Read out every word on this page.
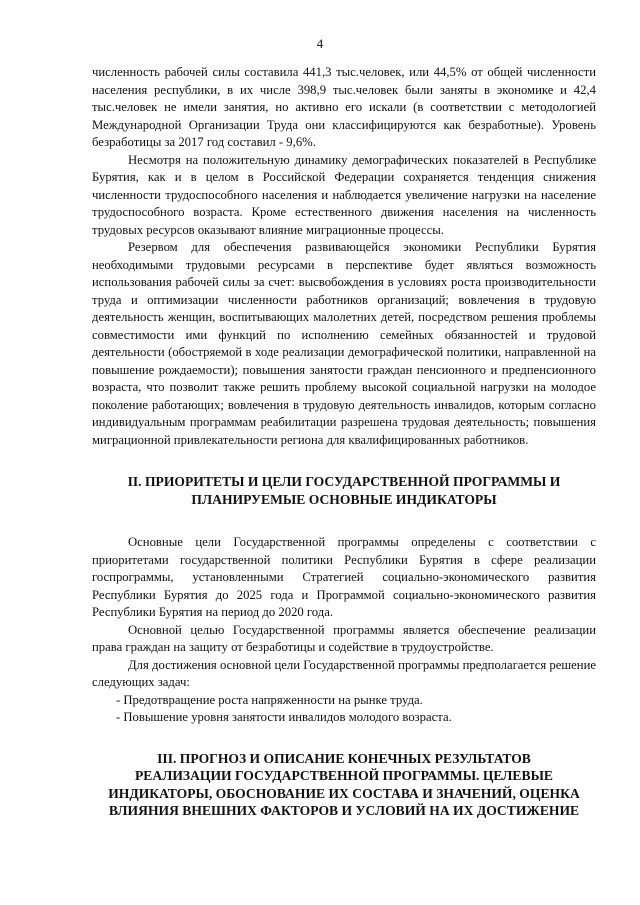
4

численность рабочей силы составила 441,3 тыс.человек, или 44,5% от общей численности населения республики, в их числе 398,9 тыс.человек были заняты в экономике и 42,4 тыс.человек не имели занятия, но активно его искали (в соответствии с методологией Международной Организации Труда они классифицируются как безработные). Уровень безработицы за 2017 год составил - 9,6%.

Несмотря на положительную динамику демографических показателей в Республике Бурятия, как и в целом в Российской Федерации сохраняется тенденция снижения численности трудоспособного населения и наблюдается увеличение нагрузки на население трудоспособного возраста. Кроме естественного движения населения на численность трудовых ресурсов оказывают влияние миграционные процессы.

Резервом для обеспечения развивающейся экономики Республики Бурятия необходимыми трудовыми ресурсами в перспективе будет являться возможность использования рабочей силы за счет: высвобождения в условиях роста производительности труда и оптимизации численности работников организаций; вовлечения в трудовую деятельность женщин, воспитывающих малолетних детей, посредством решения проблемы совместимости ими функций по исполнению семейных обязанностей и трудовой деятельности (обостряемой в ходе реализации демографической политики, направленной на повышение рождаемости); повышения занятости граждан пенсионного и предпенсионного возраста, что позволит также решить проблему высокой социальной нагрузки на молодое поколение работающих; вовлечения в трудовую деятельность инвалидов, которым согласно индивидуальным программам реабилитации разрешена трудовая деятельность; повышения миграционной привлекательности региона для квалифицированных работников.

II. ПРИОРИТЕТЫ И ЦЕЛИ ГОСУДАРСТВЕННОЙ ПРОГРАММЫ И
ПЛАНИРУЕМЫЕ ОСНОВНЫЕ ИНДИКАТОРЫ

Основные цели Государственной программы определены с соответствии с приоритетами государственной политики Республики Бурятия в сфере реализации госпрограммы, установленными Стратегией социально-экономического развития Республики Бурятия до 2025 года и Программой социально-экономического развития Республики Бурятия на период до 2020 года.

Основной целью Государственной программы является обеспечение реализации права граждан на защиту от безработицы и содействие в трудоустройстве.

Для достижения основной цели Государственной программы предполагается решение следующих задач:

- Предотвращение роста напряженности на рынке труда.

- Повышение уровня занятости инвалидов молодого возраста.

III. ПРОГНОЗ И ОПИСАНИЕ КОНЕЧНЫХ РЕЗУЛЬТАТОВ
РЕАЛИЗАЦИИ ГОСУДАРСТВЕННОЙ ПРОГРАММЫ. ЦЕЛЕВЫЕ
ИНДИКАТОРЫ, ОБОСНОВАНИЕ ИХ СОСТАВА И ЗНАЧЕНИЙ, ОЦЕНКА
ВЛИЯНИЯ ВНЕШНИХ ФАКТОРОВ И УСЛОВИЙ НА ИХ ДОСТИЖЕНИЕ
